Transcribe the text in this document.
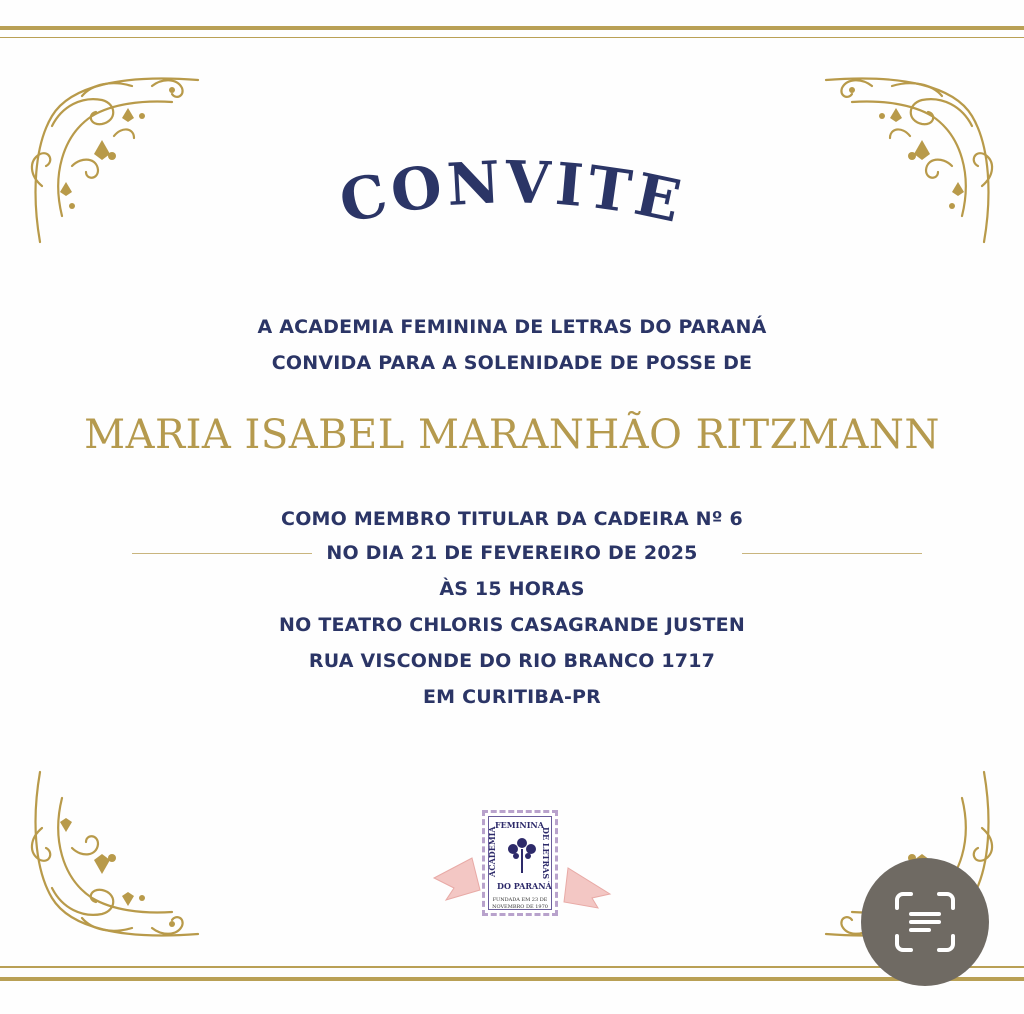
CONVITE
A ACADEMIA FEMININA DE LETRAS DO PARANÁ
CONVIDA PARA A SOLENIDADE DE POSSE DE
MARIA ISABEL MARANHÃO RITZMANN
COMO MEMBRO TITULAR DA CADEIRA Nº 6
NO DIA 21 DE FEVEREIRO DE 2025
ÀS 15 HORAS
NO TEATRO CHLORIS CASAGRANDE JUSTEN
RUA VISCONDE DO RIO BRANCO 1717
EM CURITIBA-PR
ACADEMIA
FEMININA
DE LETRAS
DO PARANÁ
FUNDADA EM 23 DE
NOVEMBRO DE 1970
